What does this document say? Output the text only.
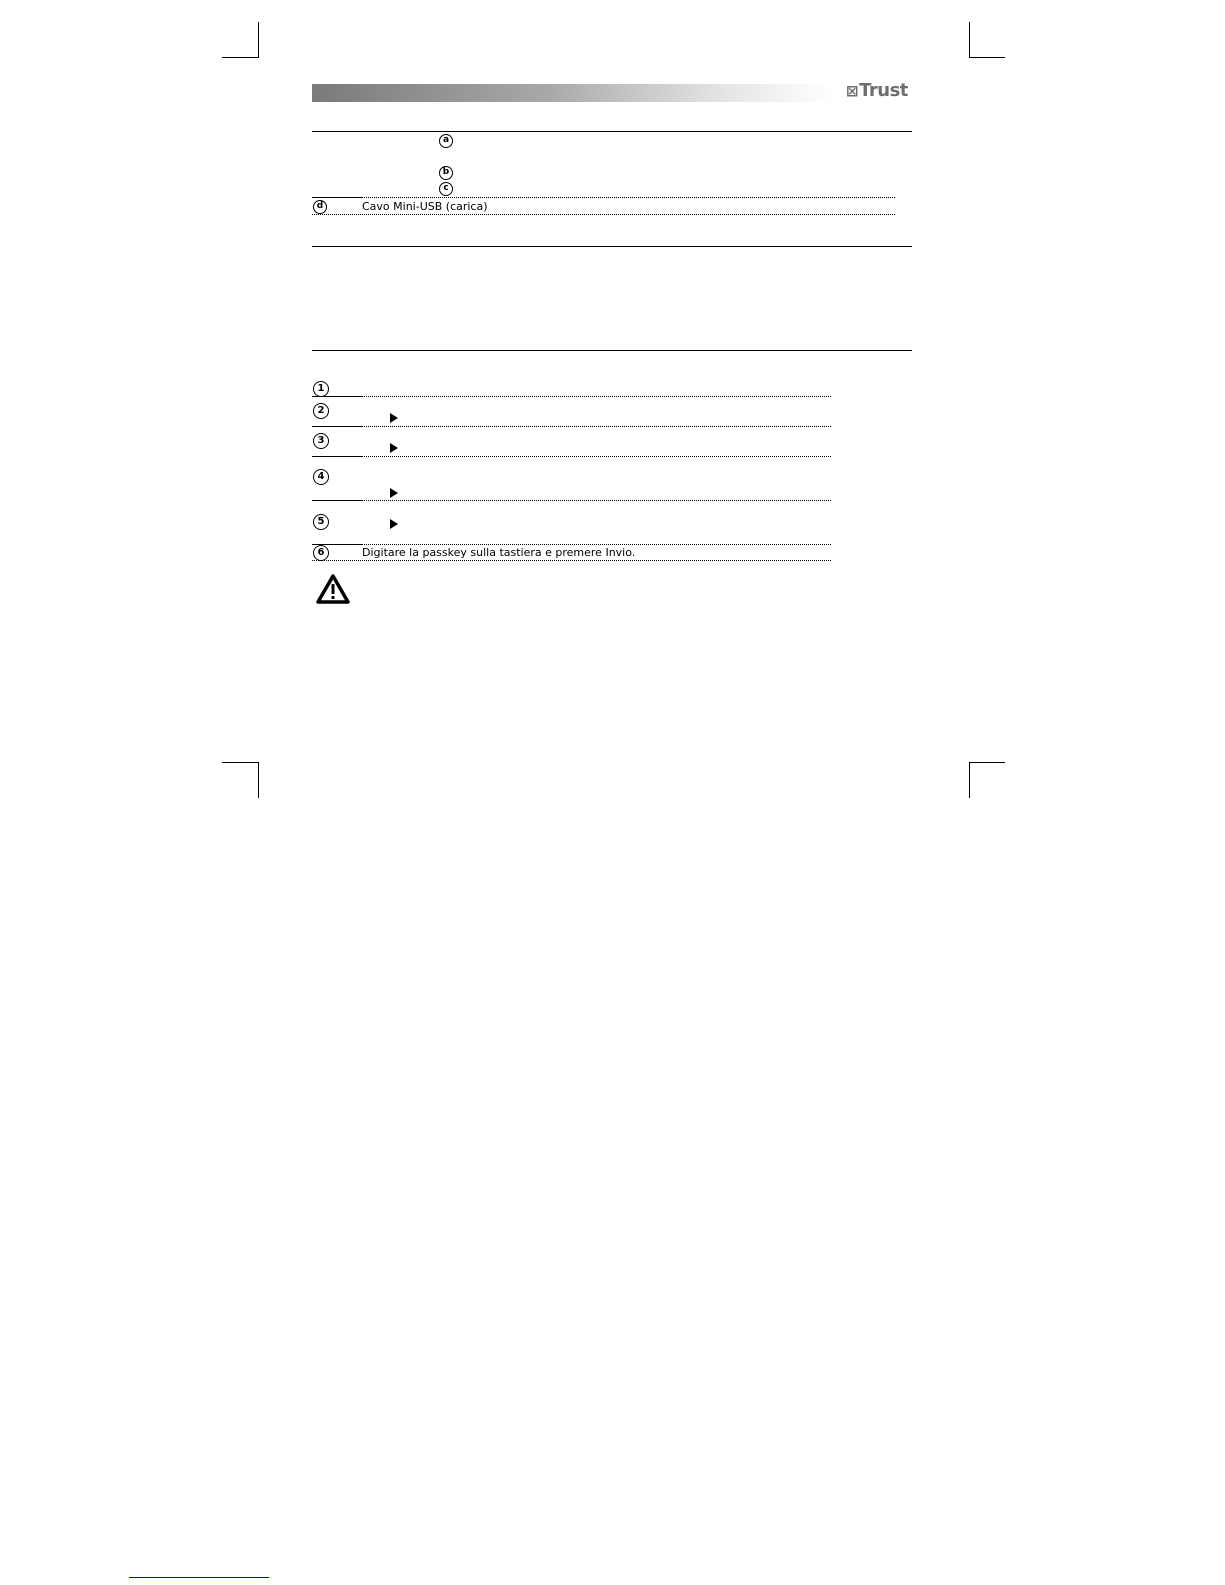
⊠Trust
a
b
c
d	Cavo Mini-USB (carica)
1
2
3
4
5
6	Digitare la passkey sulla tastiera e premere Invio.
